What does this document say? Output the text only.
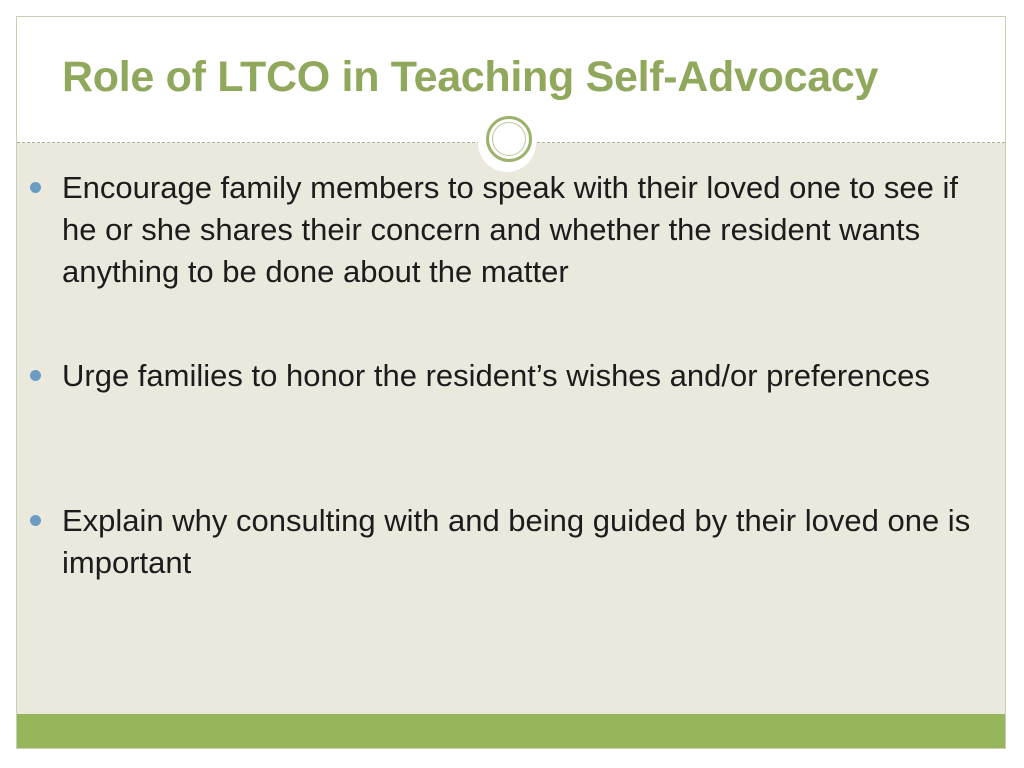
Role of LTCO in Teaching Self-Advocacy
Encourage family members to speak with their loved one to see if he or she shares their concern and whether the resident wants anything to be done about the matter
Urge families to honor the resident’s wishes and/or preferences
Explain why consulting with and being guided by their loved one is important
